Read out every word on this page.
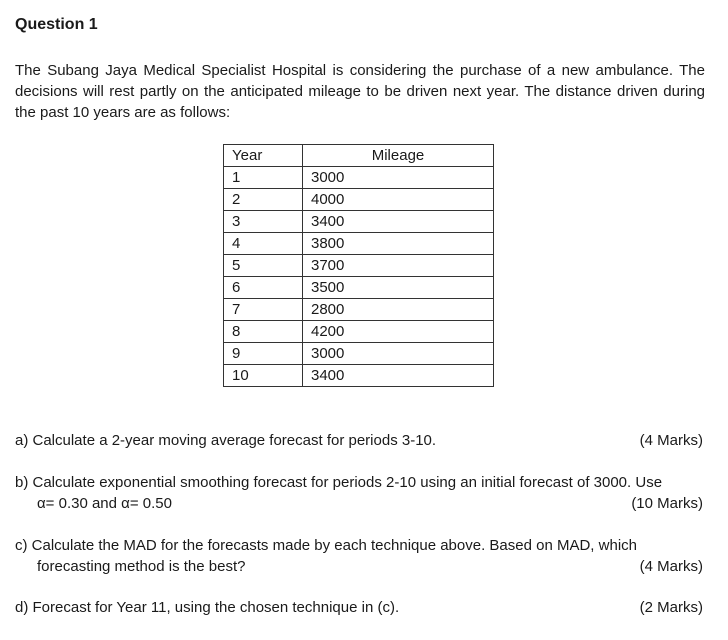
Question 1
The Subang Jaya Medical Specialist Hospital is considering the purchase of a new ambulance. The decisions will rest partly on the anticipated mileage to be driven next year. The distance driven during the past 10 years are as follows:
Year	Mileage
1	3000
2	4000
3	3400
4	3800
5	3700
6	3500
7	2800
8	4200
9	3000
10	3400
a) Calculate a 2-year moving average forecast for periods 3-10.	(4 Marks)
b) Calculate exponential smoothing forecast for periods 2-10 using an initial forecast of 3000. Use
α= 0.30 and α= 0.50	(10 Marks)
c) Calculate the MAD for the forecasts made by each technique above. Based on MAD, which
forecasting method is the best?	(4 Marks)
d) Forecast for Year 11, using the chosen technique in (c).	(2 Marks)
